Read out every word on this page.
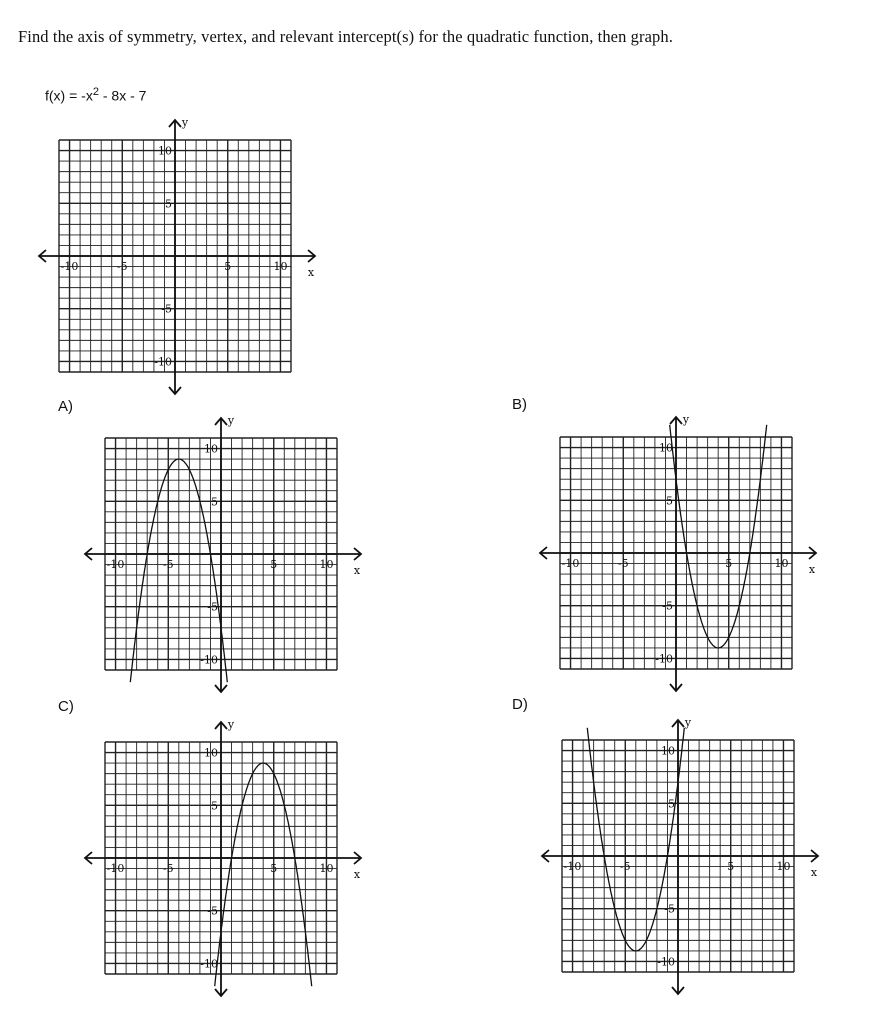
Find the axis of symmetry, vertex, and relevant intercept(s) for the quadratic function, then graph.
$f(x) = -x^2 - 8x - 7$
x
y
-10	-5	5	10
10
5
-5
-10
A)
x
y
-10	-5	5	10
10
5
-5
-10
B)
x
y
-10	-5	5	10
10
5
-5
-10
C)
x
y
-10	-5	5	10
10
5
-5
-10
D)
x
y
-10	-5	5	10
10
5
-5
-10
